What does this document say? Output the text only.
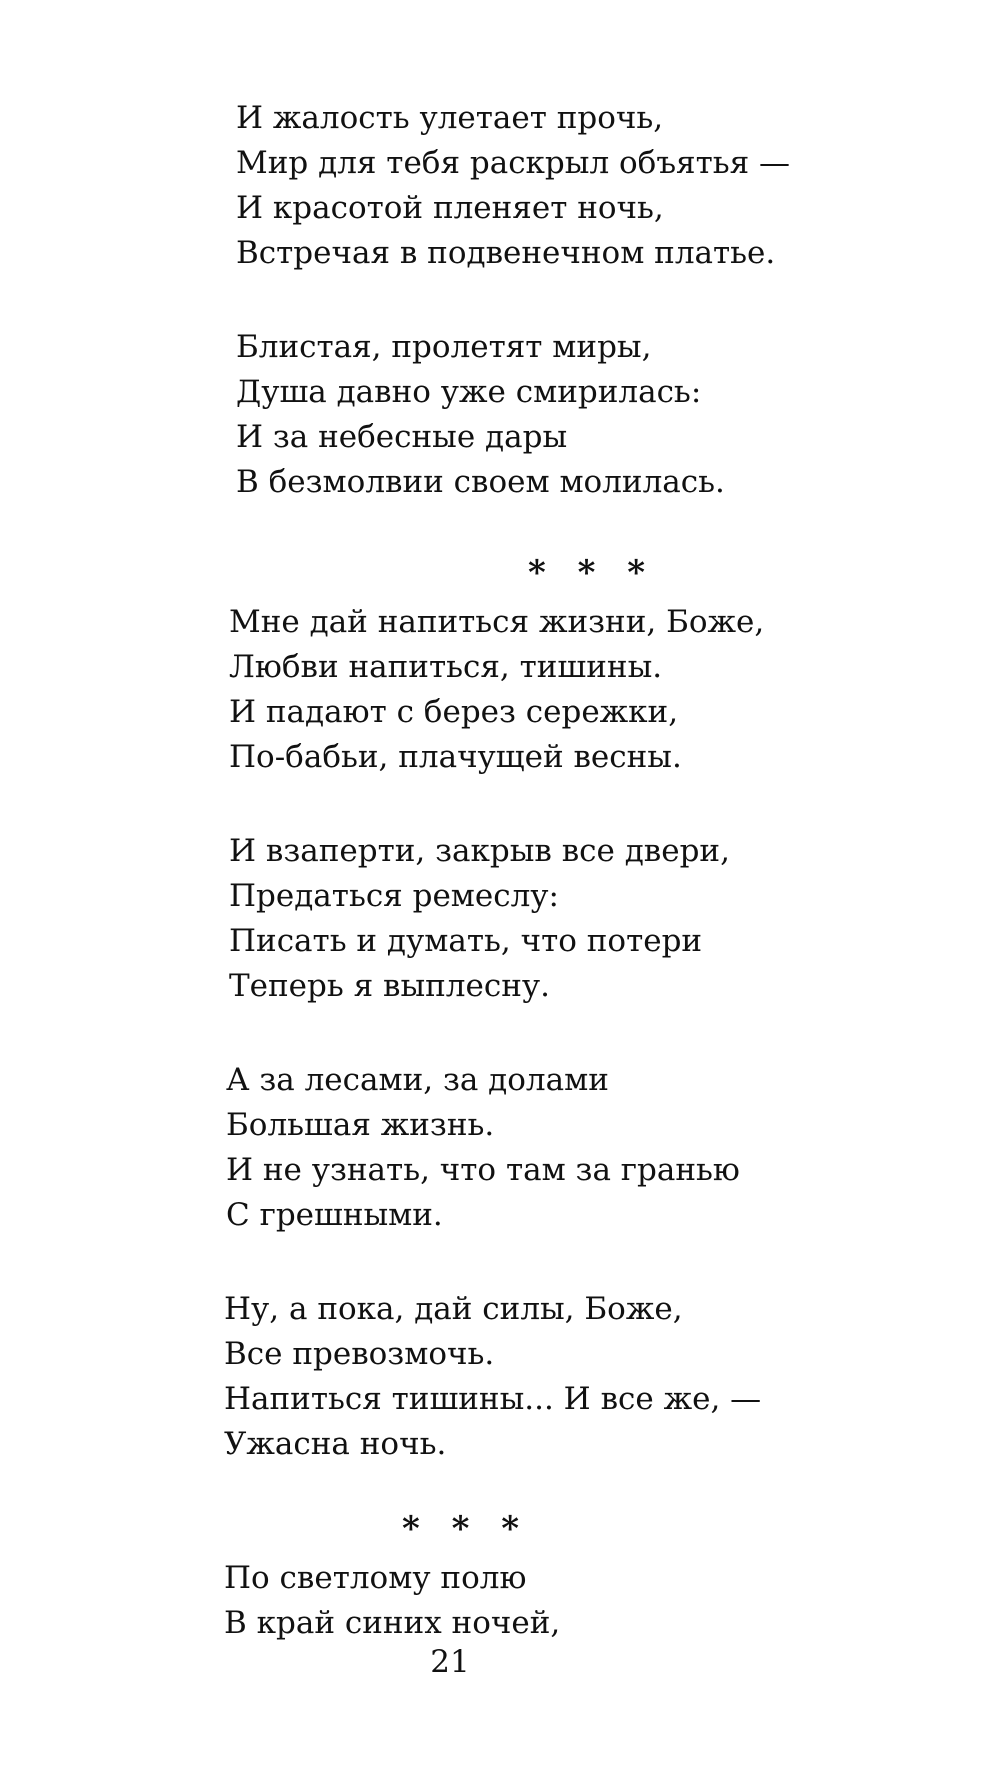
И жалость улетает прочь,
Мир для тебя раскрыл объятья —
И красотой пленяет ночь,
Встречая в подвенечном платье.
Блистая, пролетят миры,
Душа давно уже смирилась:
И за небесные дары
В безмолвии своем молилась.
* * *
Мне дай напиться жизни, Боже,
Любви напиться, тишины.
И падают с берез сережки,
По-бабьи, плачущей весны.
И взаперти, закрыв все двери,
Предаться ремеслу:
Писать и думать, что потери
Теперь я выплесну.
А за лесами, за долами
Большая жизнь.
И не узнать, что там за гранью
С грешными.
Ну, а пока, дай силы, Боже,
Все превозмочь.
Напиться тишины... И все же, —
Ужасна ночь.
* * *
По светлому полю
В край синих ночей,
21
